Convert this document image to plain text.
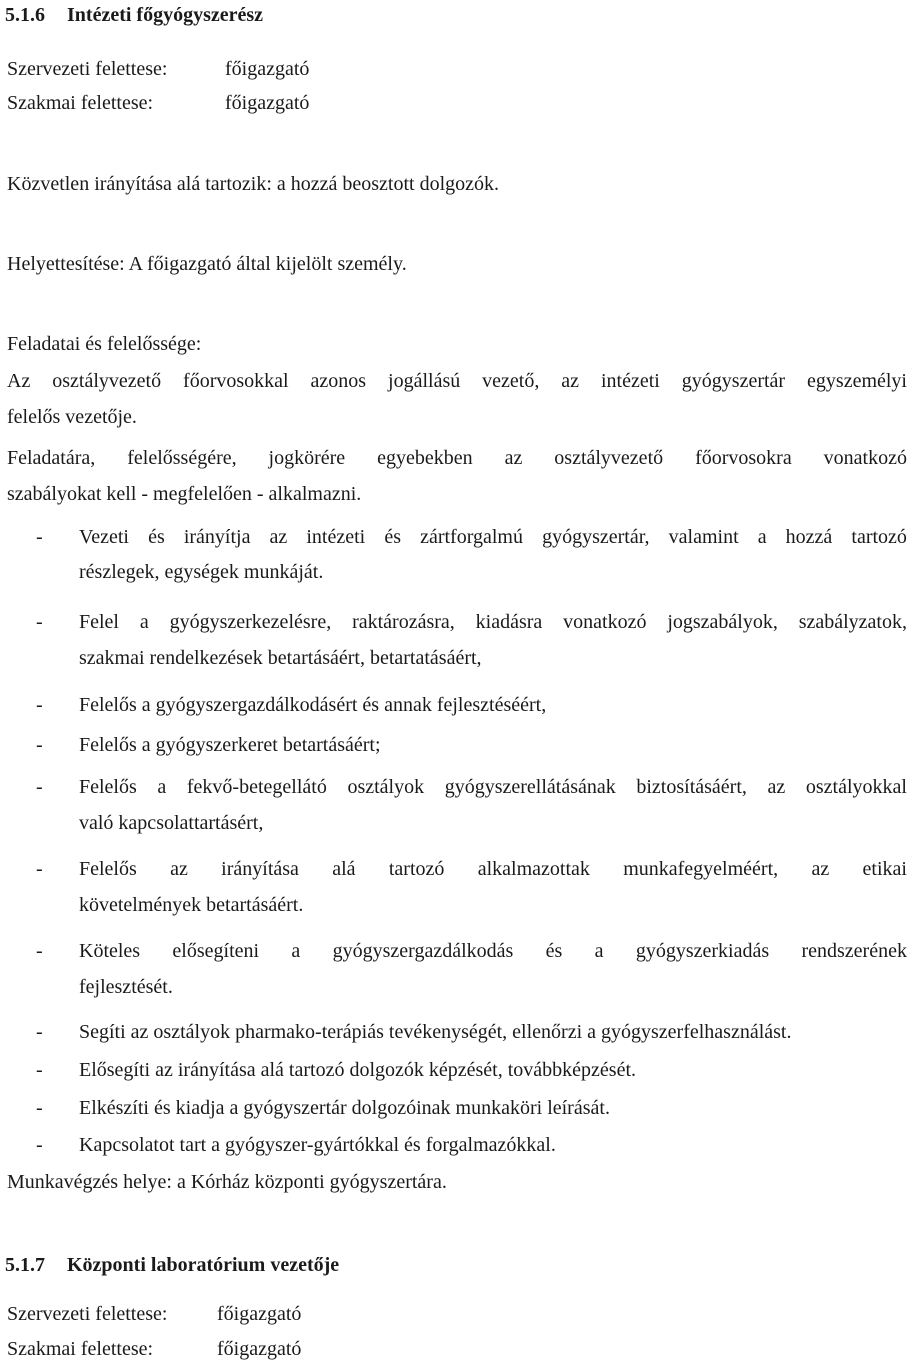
5.1.6 Intézeti főgyógyszerész
Szervezeti felettese:	főigazgató
Szakmai felettese:	főigazgató
Közvetlen irányítása alá tartozik: a hozzá beosztott dolgozók.
Helyettesítése: A főigazgató által kijelölt személy.
Feladatai és felelőssége:
Az osztályvezető főorvosokkal azonos jogállású vezető, az intézeti gyógyszertár egyszemélyi
felelős vezetője.
Feladatára, felelősségére, jogkörére egyebekben az osztályvezető főorvosokra vonatkozó
szabályokat kell - megfelelően - alkalmazni.
- Vezeti és irányítja az intézeti és zártforgalmú gyógyszertár, valamint a hozzá tartozó
részlegek, egységek munkáját.
- Felel a gyógyszerkezelésre, raktározásra, kiadásra vonatkozó jogszabályok, szabályzatok,
szakmai rendelkezések betartásáért, betartatásáért,
- Felelős a gyógyszergazdálkodásért és annak fejlesztéséért,
- Felelős a gyógyszerkeret betartásáért;
- Felelős a fekvő-betegellátó osztályok gyógyszerellátásának biztosításáért, az osztályokkal
való kapcsolattartásért,
- Felelős az irányítása alá tartozó alkalmazottak munkafegyelméért, az etikai
követelmények betartásáért.
- Köteles elősegíteni a gyógyszergazdálkodás és a gyógyszerkiadás rendszerének
fejlesztését.
- Segíti az osztályok pharmako-terápiás tevékenységét, ellenőrzi a gyógyszerfelhasználást.
- Elősegíti az irányítása alá tartozó dolgozók képzését, továbbképzését.
- Elkészíti és kiadja a gyógyszertár dolgozóinak munkaköri leírását.
- Kapcsolatot tart a gyógyszer-gyártókkal és forgalmazókkal.
Munkavégzés helye: a Kórház központi gyógyszertára.
5.1.7 Központi laboratórium vezetője
Szervezeti felettese: főigazgató
Szakmai felettese:	főigazgató
